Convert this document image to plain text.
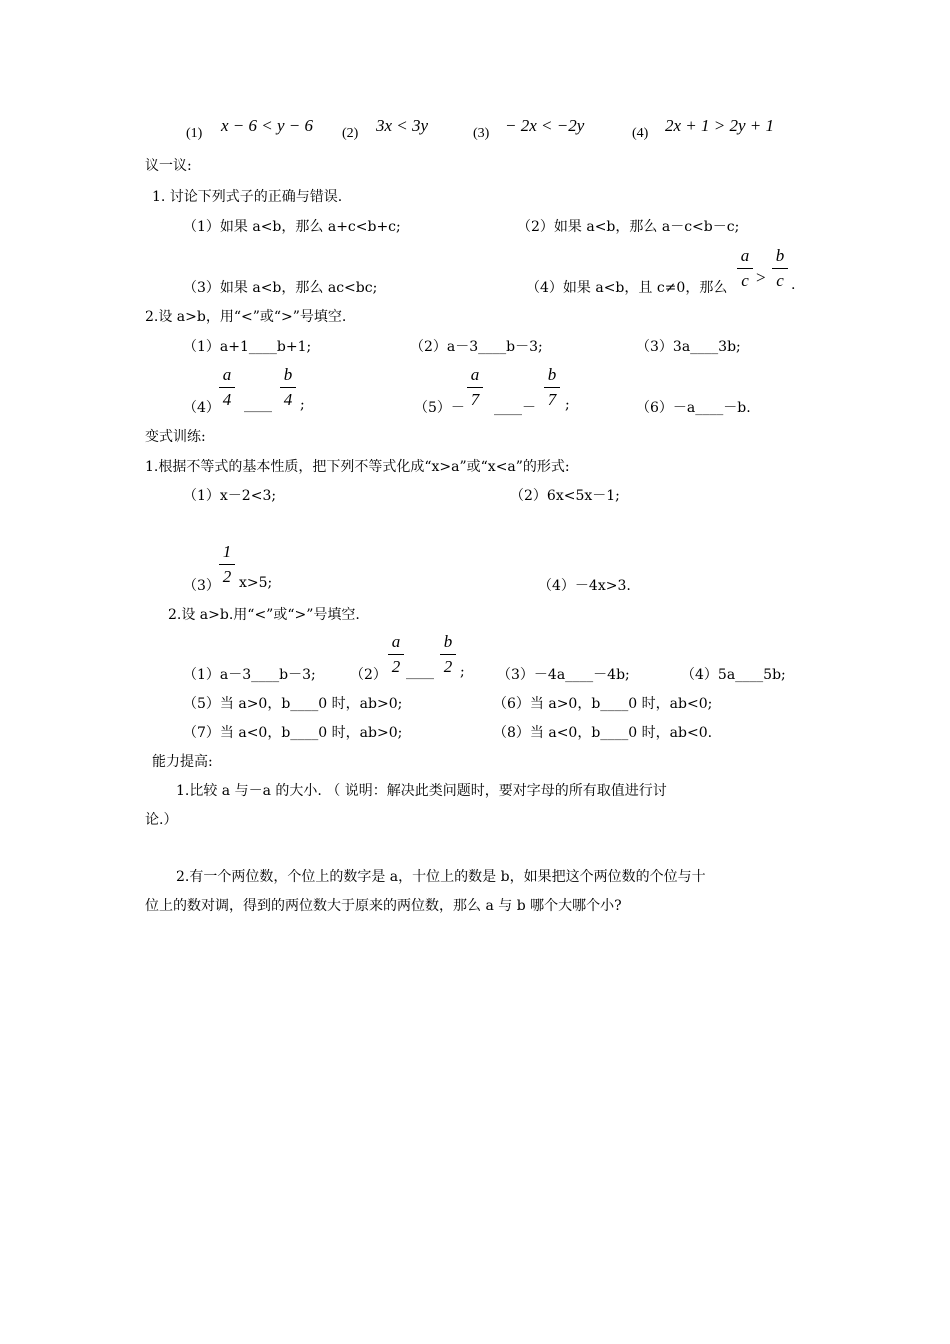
(1) x − 6 < y − 6 (2) 3x < 3y	(3) − 2x < −2y	(4) 2x + 1 > 2y + 1
议一议:
1. 讨论下列式子的正确与错误.
（1）如果 a<b，那么 a+c<b+c;	（2）如果 a<b，那么 a－c<b－c;
（3）如果 a<b，那么 ac<bc;	（4）如果 a<b，且 c≠0，那么
a
c >
b
c .
2.设 a>b，用“<”或“>”号填空.
（1）a+1____b+1;	（2）a－3____b－3;	（3）3a____3b;
（4）
a
4 ____
b
4 ;	（5）－
a
7 ____－
b
7 ;	（6）－a____－b.
变式训练:
1.根据不等式的基本性质，把下列不等式化成“x>a”或“x<a”的形式:
（1）x－2<3;	（2）6x<5x－1;
（3）
1
2 x>5;	（4）－4x>3.
2.设 a>b.用“<”或“>”号填空.
（1）a－3____b－3; （2）
a
2 ____
b
2 ; （3）－4a____－4b;	（4）5a____5b;
（5）当 a>0，b____0 时，ab>0;	（6）当 a>0，b____0 时，ab<0;
（7）当 a<0，b____0 时，ab>0;	（8）当 a<0，b____0 时，ab<0.
能力提高:
1.比较 a 与－a 的大小. （ 说明：解决此类问题时，要对字母的所有取值进行讨
论.）
2.有一个两位数，个位上的数字是 a，十位上的数是 b，如果把这个两位数的个位与十
位上的数对调，得到的两位数大于原来的两位数，那么 a 与 b 哪个大哪个小?
